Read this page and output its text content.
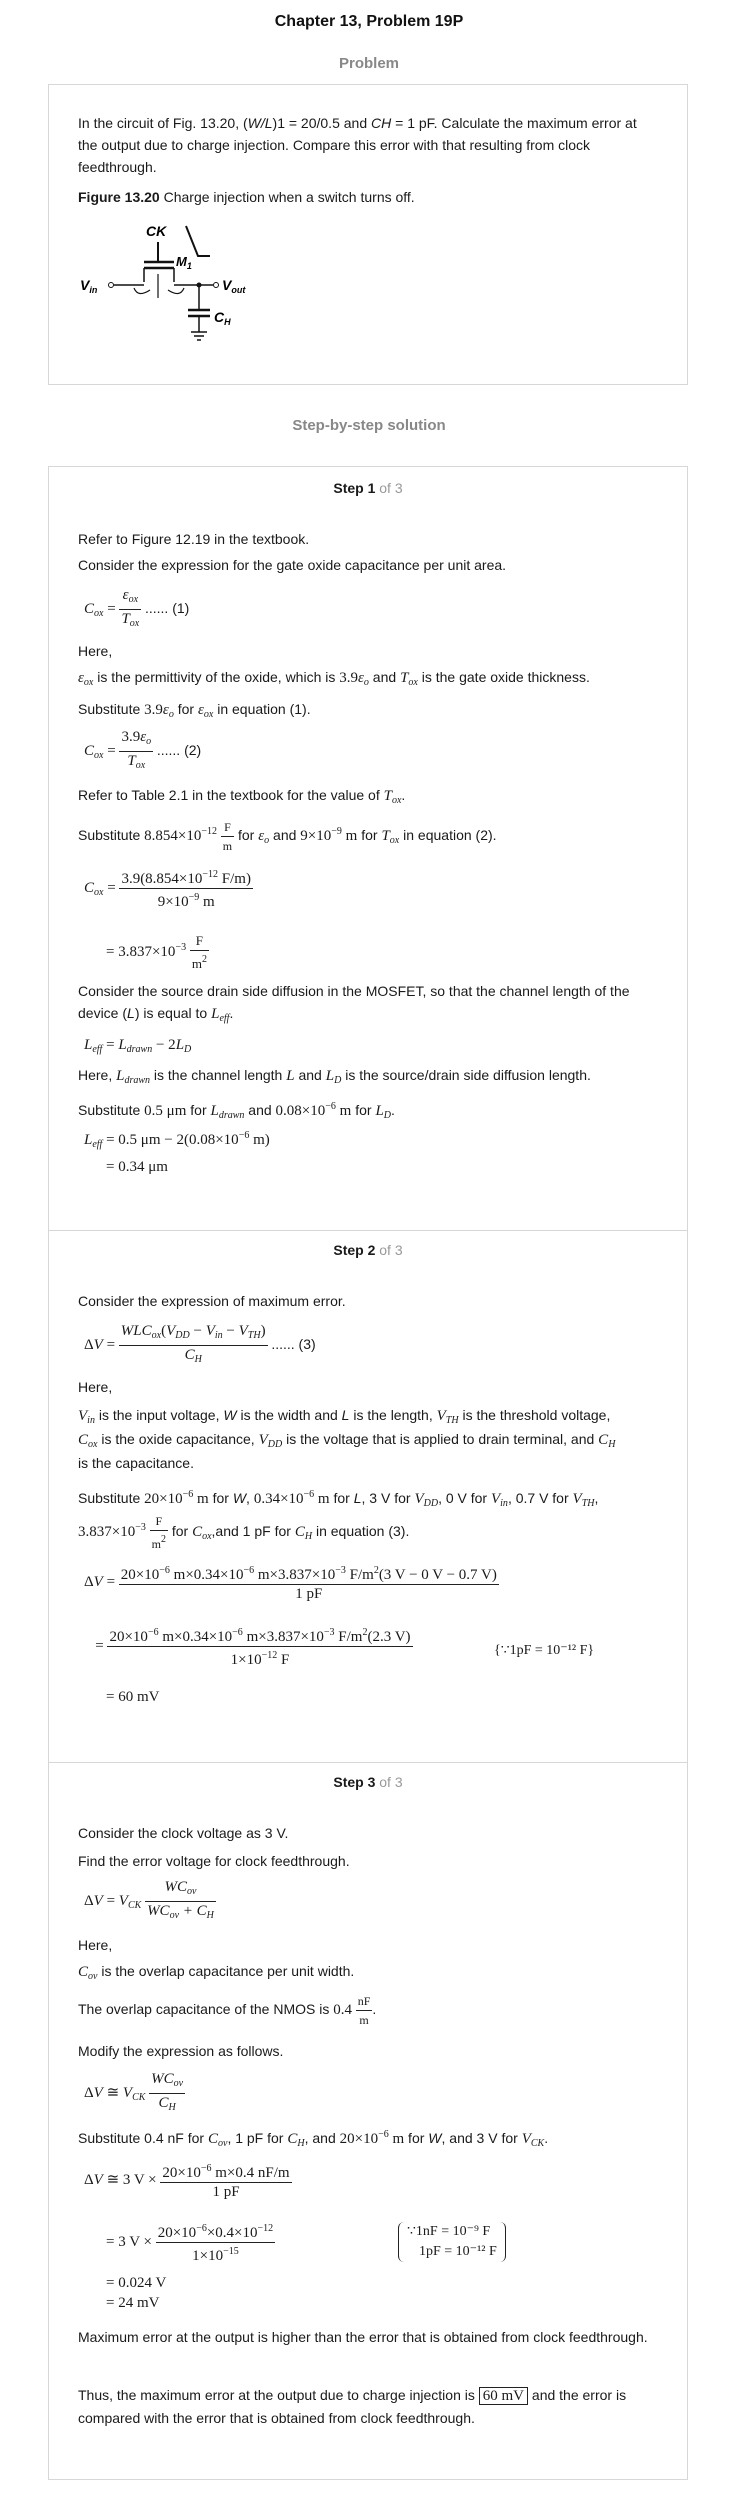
Chapter 13, Problem 19P
Problem

In the circuit of Fig. 13.20, (W/L)1 = 20/0.5 and CH = 1 pF. Calculate the maximum error at the output due to charge injection. Compare this error with that resulting from clock feedthrough.

Figure 13.20 Charge injection when a switch turns off.

CK
$M_1$
$V_{in}$	$V_{out}$
$C_H$
Step-by-step solution
Step 1 of 3

Refer to Figure 12.19 in the textbook.

Consider the expression for the gate oxide capacitance per unit area.

$C_{ox} = \frac{\varepsilon_{ox}}{T_{ox}}$ ...... (1)

Here,

$\varepsilon_{ox}$ is the permittivity of the oxide, which is $3.9\varepsilon_o$ and $T_{ox}$ is the gate oxide thickness.

Substitute $3.9\varepsilon_o$ for $\varepsilon_{ox}$ in equation (1).

$C_{ox} = \frac{3.9\varepsilon_o}{T_{ox}}$ ...... (2)

Refer to Table 2.1 in the textbook for the value of $T_{ox}$.

Substitute $8.854\times 10^{-12} \frac{F}{m}$ for $\varepsilon_o$ and $9\times 10^{-9}$ m for $T_{ox}$ in equation (2).

$C_{ox} = \frac{3.9(8.854\times 10^{-12} F/m)}{9\times 10^{-9} m}$
= $3.837\times 10^{-3} \frac{F}{m^2}$

Consider the source drain side diffusion in the MOSFET, so that the channel length of the device (L) is equal to $L_{eff}$.

$L_{eff} = L_{drawn} - 2L_D$

Here, $L_{drawn}$ is the channel length L and $L_D$ is the source/drain side diffusion length.

Substitute 0.5 μm for $L_{drawn}$ and $0.08\times 10^{-6}$ m for $L_D$.

$L_{eff} = 0.5$ $\mu m - 2(0.08\times 10^{-6}$ m)
= 0.34 μm
Step 2 of 3

Consider the expression of maximum error.

$\Delta V = \frac{WLC_{ox}(V_{DD} - V_{in} - V_{TH})}{C_H}$ ...... (3)

Here,

$V_{in}$ is the input voltage, W is the width and L is the length, $V_{TH}$ is the threshold voltage,

$C_{ox}$ is the oxide capacitance, $V_{DD}$ is the voltage that is applied to drain terminal, and $C_H$

is the capacitance.

Substitute $20\times 10^{-6}$ m for W, $0.34\times 10^{-6}$ m for L, 3 V for $V_{DD}$, 0 V for $V_{in}$, 0.7 V for $V_{TH}$,

$3.837\times 10^{-3} \frac{F}{m^2}$ for $C_{ox},and$ 1 pF for $C_H$ in equation (3).

$\Delta V = \frac{20\times 10^{-6} m\times 0.34\times 10^{-6} m\times 3.837\times 10^{-3} F/m^2(3 V - 0 V - 0.7 V)}{1 pF}$
= $\frac{20\times 10^{-6} m\times 0.34\times 10^{-6} m\times 3.837\times 10^{-3} F/m^2(2.3 V)}{1\times 10^{-12} F}$	{∵1pF = 10⁻¹² F}
= 60 mV
Step 3 of 3

Consider the clock voltage as 3 V.

Find the error voltage for clock feedthrough.

$\Delta V = V_{CK} \frac{WC_{ov}}{WC_{ov} + C_H}$

Here,

$C_{ov}$ is the overlap capacitance per unit width.

The overlap capacitance of the NMOS is $0.4 \frac{nF}{m}$ .

Modify the expression as follows.

ΔV ≅ $V_{CK} \frac{WC_{ov}}{C_H}$

Substitute 0.4 nF for $C_{ov}$, 1 pF for $C_H$, and $20\times 10^{-6}$ m for W, and 3 V for $V_{CK}$.

ΔV ≅ 3 $V \times \frac{20\times 10^{-6} m\times 0.4 nF/m}{1 pF}$
= 3 $V \times \frac{20\times 10^{-6}\times 0.4\times 10^{-12}}{1\times 10^{-15}}$	∵1nF = 10⁻⁹ F
1pF = 10⁻¹² F
= 0.024 V
= 24 mV

Maximum error at the output is higher than the error that is obtained from clock feedthrough.

Thus, the maximum error at the output due to charge injection is 60 mV and the error is compared with the error that is obtained from clock feedthrough.
